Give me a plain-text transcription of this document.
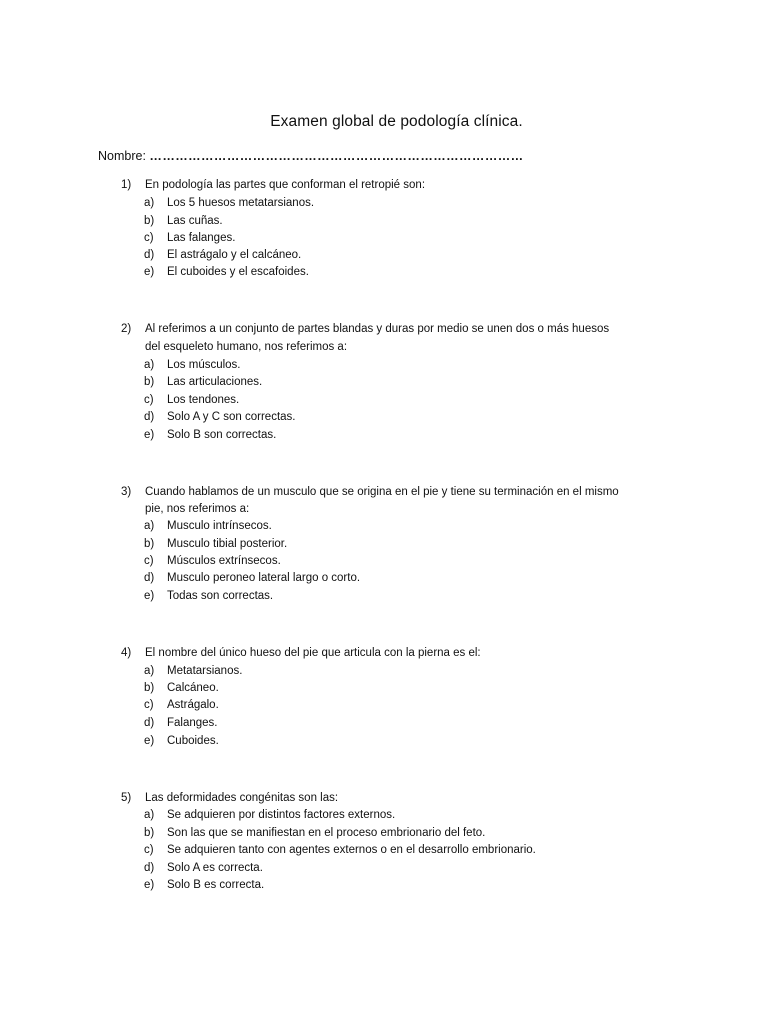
Examen global de podología clínica.
Nombre: ……………………………………………………………………………
1) En podología las partes que conforman el retropié son:
a) Los 5 huesos metatarsianos.
b) Las cuñas.
c) Las falanges.
d) El astrágalo y el calcáneo.
e) El cuboides y el escafoides.
2) Al referimos a un conjunto de partes blandas y duras por medio se unen dos o más huesos
del esqueleto humano, nos referimos a:
a) Los músculos.
b) Las articulaciones.
c) Los tendones.
d) Solo A y C son correctas.
e) Solo B son correctas.
3) Cuando hablamos de un musculo que se origina en el pie y tiene su terminación en el mismo
pie, nos referimos a:
a) Musculo intrínsecos.
b) Musculo tibial posterior.
c) Músculos extrínsecos.
d) Musculo peroneo lateral largo o corto.
e) Todas son correctas.
4) El nombre del único hueso del pie que articula con la pierna es el:
a) Metatarsianos.
b) Calcáneo.
c) Astrágalo.
d) Falanges.
e) Cuboides.
5) Las deformidades congénitas son las:
a) Se adquieren por distintos factores externos.
b) Son las que se manifiestan en el proceso embrionario del feto.
c) Se adquieren tanto con agentes externos o en el desarrollo embrionario.
d) Solo A es correcta.
e) Solo B es correcta.
